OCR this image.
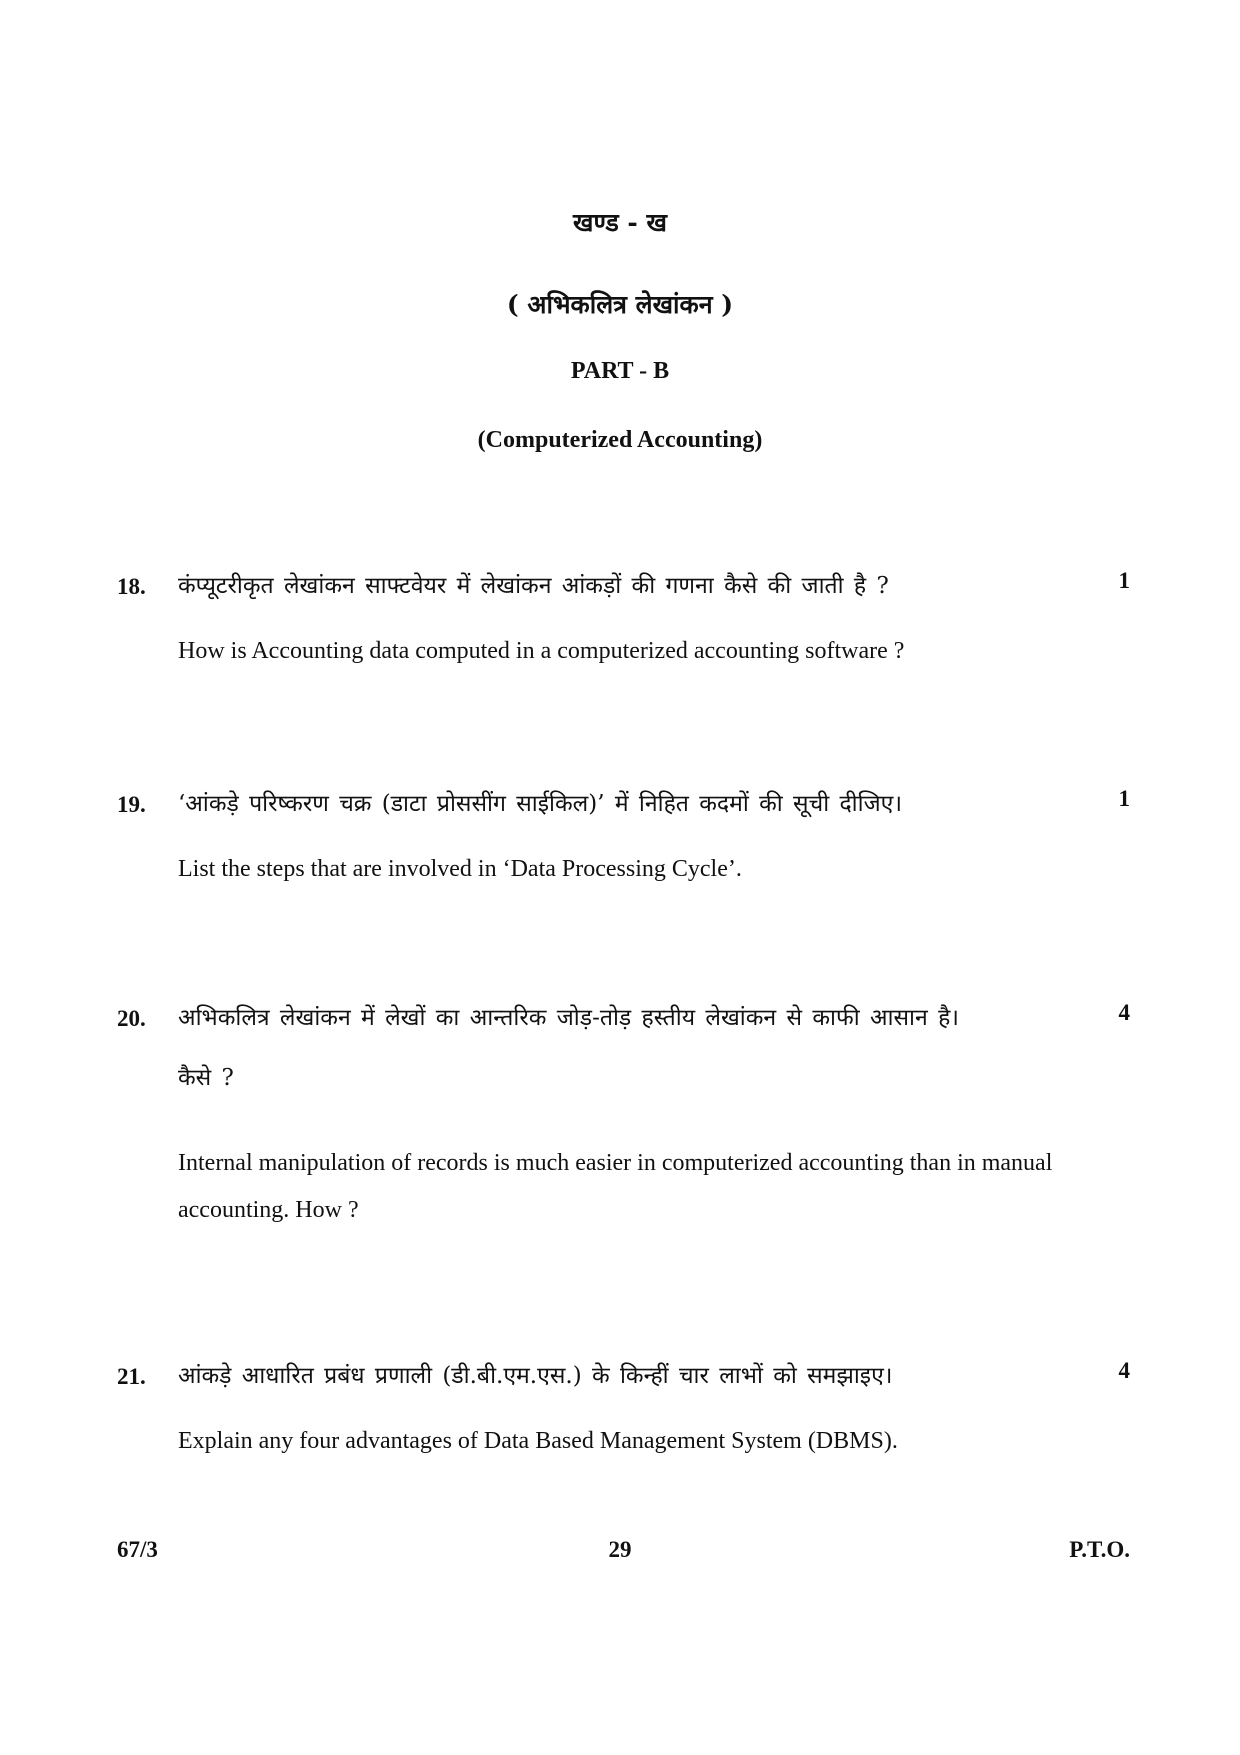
खण्ड - ख
( अभिकलित्र लेखांकन )
PART - B
(Computerized Accounting)
18. कंप्यूटरीकृत लेखांकन साफ्टवेयर में लेखांकन आंकड़ों की गणना कैसे की जाती है ?	1
How is Accounting data computed in a computerized accounting software ?
19. ‘आंकड़े परिष्करण चक्र (डाटा प्रोससींग साईकिल)’ में निहित कदमों की सूची दीजिए।	1
List the steps that are involved in ‘Data Processing Cycle’.
20. अभिकलित्र लेखांकन में लेखों का आन्तरिक जोड़-तोड़ हस्तीय लेखांकन से काफी आसान है।	4
कैसे ?
Internal manipulation of records is much easier in computerized accounting than in manual accounting. How ?
21. आंकड़े आधारित प्रबंध प्रणाली (डी.बी.एम.एस.) के किन्हीं चार लाभों को समझाइए।	4
Explain any four advantages of Data Based Management System (DBMS).
67/3	29	P.T.O.
